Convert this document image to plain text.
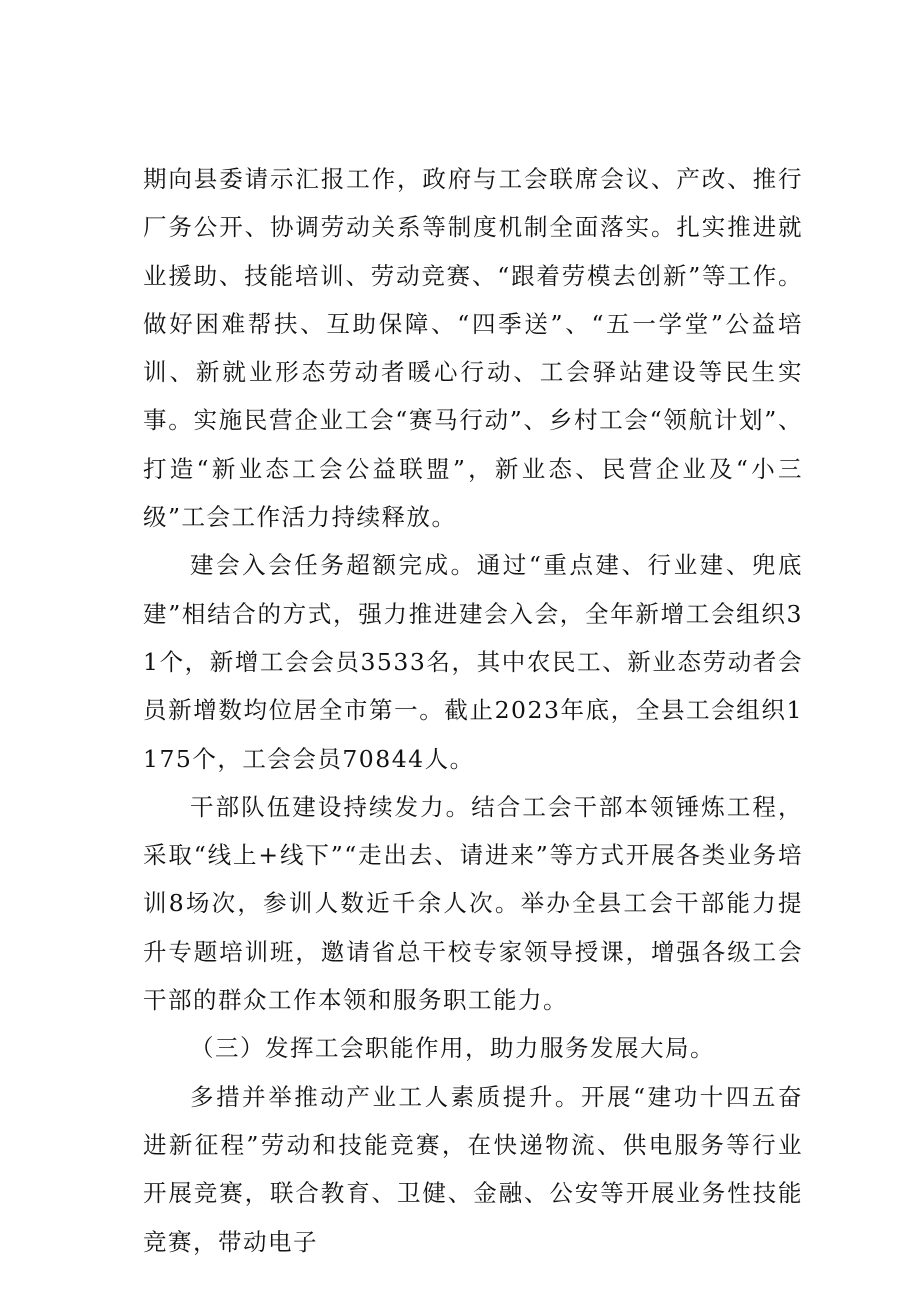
期向县委请示汇报工作，政府与工会联席会议、产改、推行厂务公开、协调劳动关系等制度机制全面落实。扎实推进就业援助、技能培训、劳动竞赛、“跟着劳模去创新”等工作。做好困难帮扶、互助保障、“四季送”、“五一学堂”公益培训、新就业形态劳动者暖心行动、工会驿站建设等民生实事。实施民营企业工会“赛马行动”、乡村工会“领航计划”、打造“新业态工会公益联盟”，新业态、民营企业及“小三级”工会工作活力持续释放。

建会入会任务超额完成。通过“重点建、行业建、兜底建”相结合的方式，强力推进建会入会，全年新增工会组织31个，新增工会会员3533名，其中农民工、新业态劳动者会员新增数均位居全市第一。截止2023年底，全县工会组织1175个，工会会员70844人。

干部队伍建设持续发力。结合工会干部本领锤炼工程，采取“线上+线下”“走出去、请进来”等方式开展各类业务培训8场次，参训人数近千余人次。举办全县工会干部能力提升专题培训班，邀请省总干校专家领导授课，增强各级工会干部的群众工作本领和服务职工能力。

（三）发挥工会职能作用，助力服务发展大局。

多措并举推动产业工人素质提升。开展“建功十四五奋进新征程”劳动和技能竞赛，在快递物流、供电服务等行业开展竞赛，联合教育、卫健、金融、公安等开展业务性技能竞赛，带动电子
